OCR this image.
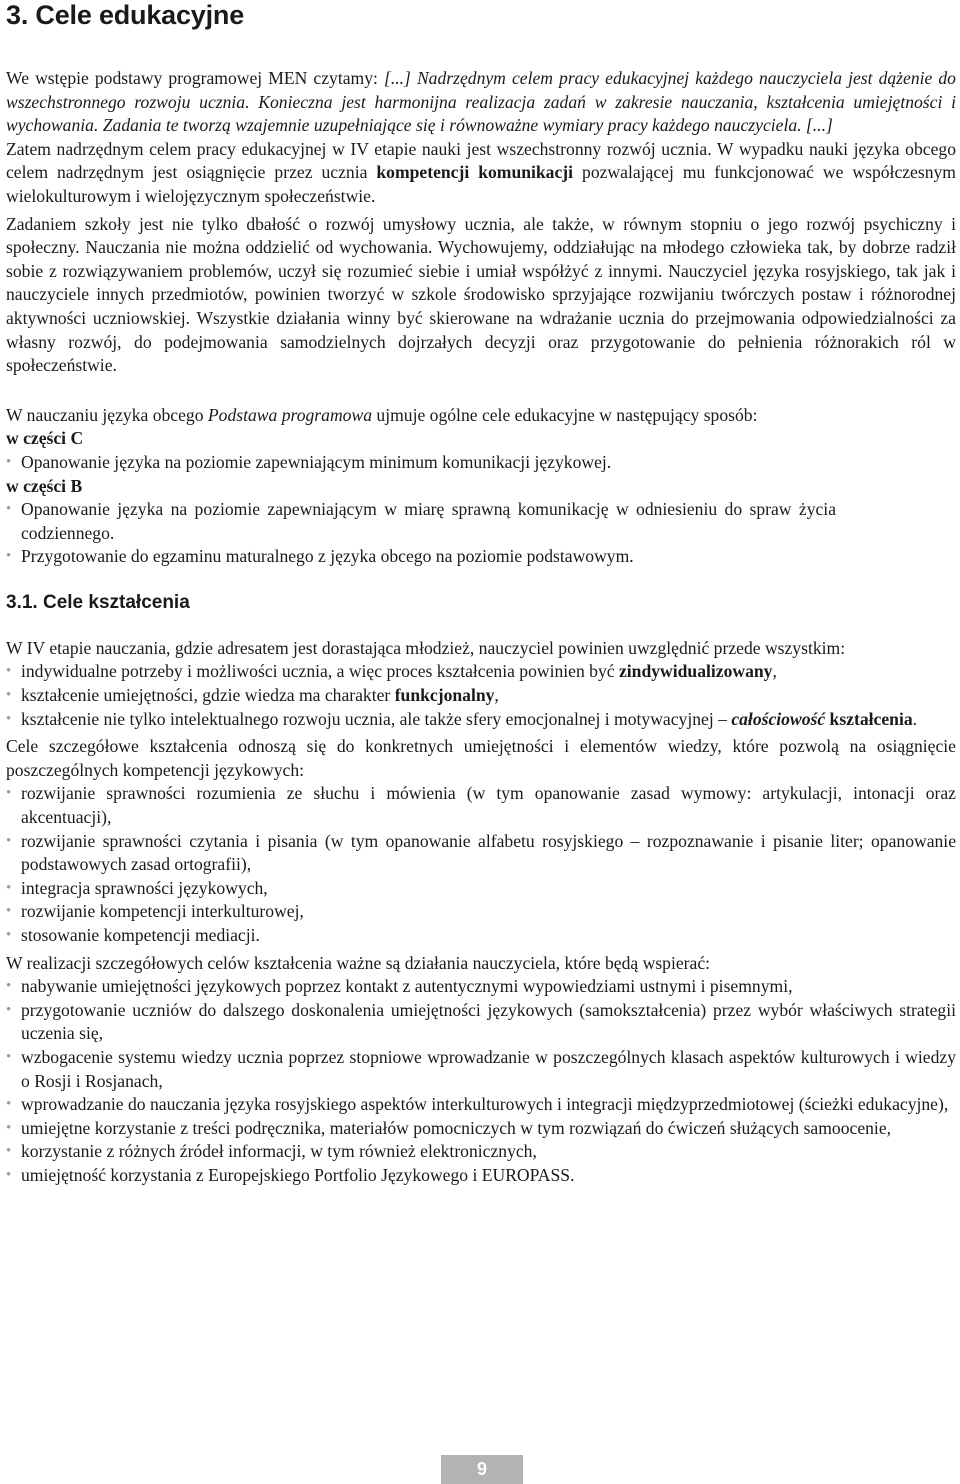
3. Cele edukacyjne

We wstępie podstawy programowej MEN czytamy: [...] Nadrzędnym celem pracy edukacyjnej każdego nauczyciela jest dążenie do wszechstronnego rozwoju ucznia. Konieczna jest harmonijna realizacja zadań w zakresie nauczania, kształcenia umiejętności i wychowania. Zadania te tworzą wzajemnie uzupełniające się i równoważne wymiary pracy każdego nauczyciela. [...]

Zatem nadrzędnym celem pracy edukacyjnej w IV etapie nauki jest wszechstronny rozwój ucznia. W wypadku nauki języka obcego celem nadrzędnym jest osiągnięcie przez ucznia kompetencji komunikacji pozwalającej mu funkcjonować we współczesnym wielokulturowym i wielojęzycznym społeczeństwie.

Zadaniem szkoły jest nie tylko dbałość o rozwój umysłowy ucznia, ale także, w równym stopniu o jego rozwój psychiczny i społeczny. Nauczania nie można oddzielić od wychowania. Wychowujemy, oddziałując na młodego człowieka tak, by dobrze radził sobie z rozwiązywaniem problemów, uczył się rozumieć siebie i umiał współżyć z innymi. Nauczyciel języka rosyjskiego, tak jak i nauczyciele innych przedmiotów, powinien tworzyć w szkole środowisko sprzyjające rozwijaniu twórczych postaw i różnorodnej aktywności uczniowskiej. Wszystkie działania winny być skierowane na wdrażanie ucznia do przejmowania odpowiedzialności za własny rozwój, do podejmowania samodzielnych dojrzałych decyzji oraz przygotowanie do pełnienia różnorakich ról w społeczeństwie.

W nauczaniu języka obcego Podstawa programowa ujmuje ogólne cele edukacyjne w następujący sposób:

w części C

• Opanowanie języka na poziomie zapewniającym minimum komunikacji językowej.

w części B

• Opanowanie języka na poziomie zapewniającym w miarę sprawną komunikację w odniesieniu do spraw życia codziennego.
• Przygotowanie do egzaminu maturalnego z języka obcego na poziomie podstawowym.
3.1. Cele kształcenia

W IV etapie nauczania, gdzie adresatem jest dorastająca młodzież, nauczyciel powinien uwzględnić przede wszystkim:

• indywidualne potrzeby i możliwości ucznia, a więc proces kształcenia powinien być zindywidualizowany,
• kształcenie umiejętności, gdzie wiedza ma charakter funkcjonalny,
• kształcenie nie tylko intelektualnego rozwoju ucznia, ale także sfery emocjonalnej i motywacyjnej – całościowość kształcenia.

Cele szczegółowe kształcenia odnoszą się do konkretnych umiejętności i elementów wiedzy, które pozwolą na osiągnięcie poszczególnych kompetencji językowych:

• rozwijanie sprawności rozumienia ze słuchu i mówienia (w tym opanowanie zasad wymowy: artykulacji, intonacji oraz akcentuacji),
• rozwijanie sprawności czytania i pisania (w tym opanowanie alfabetu rosyjskiego – rozpoznawanie i pisanie liter; opanowanie podstawowych zasad ortografii),
• integracja sprawności językowych,
• rozwijanie kompetencji interkulturowej,
• stosowanie kompetencji mediacji.

W realizacji szczegółowych celów kształcenia ważne są działania nauczyciela, które będą wspierać:

• nabywanie umiejętności językowych poprzez kontakt z autentycznymi wypowiedziami ustnymi i pisemnymi,
• przygotowanie uczniów do dalszego doskonalenia umiejętności językowych (samokształcenia) przez wybór właściwych strategii uczenia się,
• wzbogacenie systemu wiedzy ucznia poprzez stopniowe wprowadzanie w poszczególnych klasach aspektów kulturowych i wiedzy o Rosji i Rosjanach,
• wprowadzanie do nauczania języka rosyjskiego aspektów interkulturowych i integracji międzyprzedmiotowej (ścieżki edukacyjne),
• umiejętne korzystanie z treści podręcznika, materiałów pomocniczych w tym rozwiązań do ćwiczeń służących samoocenie,
• korzystanie z różnych źródeł informacji, w tym również elektronicznych,
• umiejętność korzystania z Europejskiego Portfolio Językowego i EUROPASS.
9
